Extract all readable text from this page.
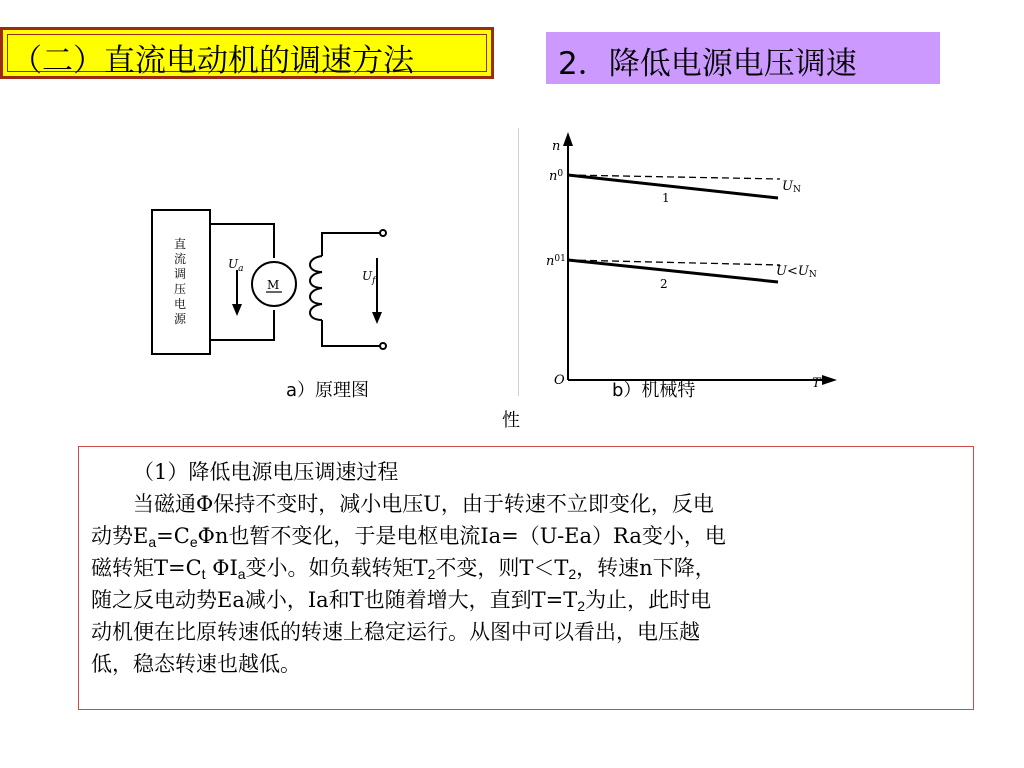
（二）直流电动机的调速方法	2．降低电源电压调速
直
流
调
压
电
源
$U_a$	$U_f$
M
a）原理图
n
T
O
$n^0$
$n^{01}$
UN
U<UN
1
2
b）机械特
性

（1）降低电源电压调速过程

当磁通Φ保持不变时，减小电压U，由于转速不立即变化，反电

动势$E_a=C_e\Phi n$也暂不变化，于是电枢电流Ia=（U-Ea）Ra变小，电

磁转矩$T=C_t$ $\Phi I_a$变小。如负载转矩$T_2$不变，则$T<T_2$，转速n下降，

随之反电动势Ea减小，Ia和T也随着增大，直到$T=T_2$为止，此时电

动机便在比原转速低的转速上稳定运行。从图中可以看出，电压越

低，稳态转速也越低。
